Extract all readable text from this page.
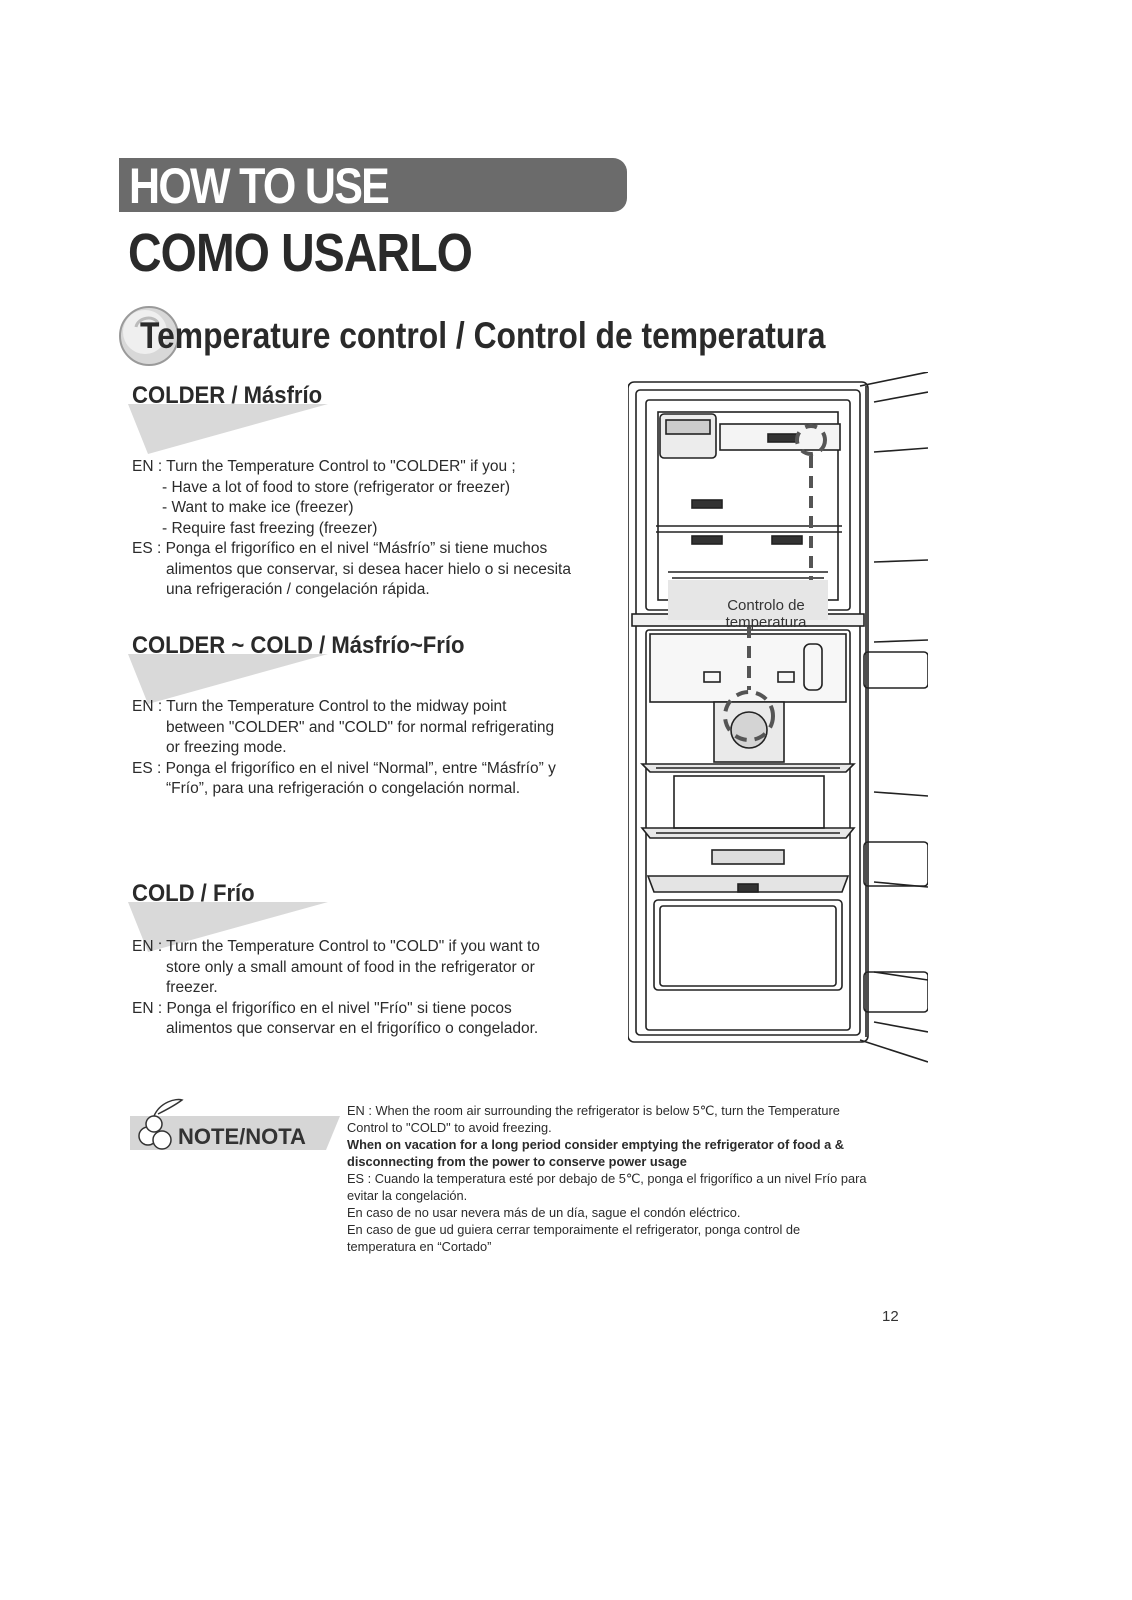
HOW TO USE
COMO USARLO
Temperature control / Control de temperatura
COLDER / Másfrío
EN : Turn the Temperature Control to "COLDER" if you ;
- Have a lot of food to store (refrigerator or freezer)
- Want to make ice (freezer)
- Require fast freezing (freezer)
ES : Ponga el frigorífico en el nivel “Másfrío” si tiene muchos
alimentos que conservar, si desea hacer hielo o si necesita
una refrigeración / congelación rápida.
COLDER ~ COLD / Másfrío~Frío
EN : Turn the Temperature Control to the midway point
between "COLDER" and "COLD" for normal refrigerating
or freezing mode.
ES : Ponga el frigorífico en el nivel “Normal”, entre “Másfrío” y
“Frío”, para una refrigeración o congelación normal.
COLD / Frío
EN : Turn the Temperature Control to "COLD" if you want to
store only a small amount of food in the refrigerator or
freezer.
EN : Ponga el frigorífico en el nivel "Frío" si tiene pocos
alimentos que conservar en el frigorífico o congelador.
Controlo de
temperatura
NOTE/NOTA
EN : When the room air surrounding the refrigerator is below 5℃, turn the Temperature
Control to "COLD" to avoid freezing.
When on vacation for a long period consider emptying the refrigerator of food a &
disconnecting from the power to conserve power usage
ES : Cuando la temperatura esté por debajo de 5℃, ponga el frigorífico a un nivel Frío para
evitar la congelación.
En caso de no usar nevera más de un día, sague el condón eléctrico.
En caso de gue ud guiera cerrar temporaimente el refrigerator, ponga control de
temperatura en “Cortado”
12
